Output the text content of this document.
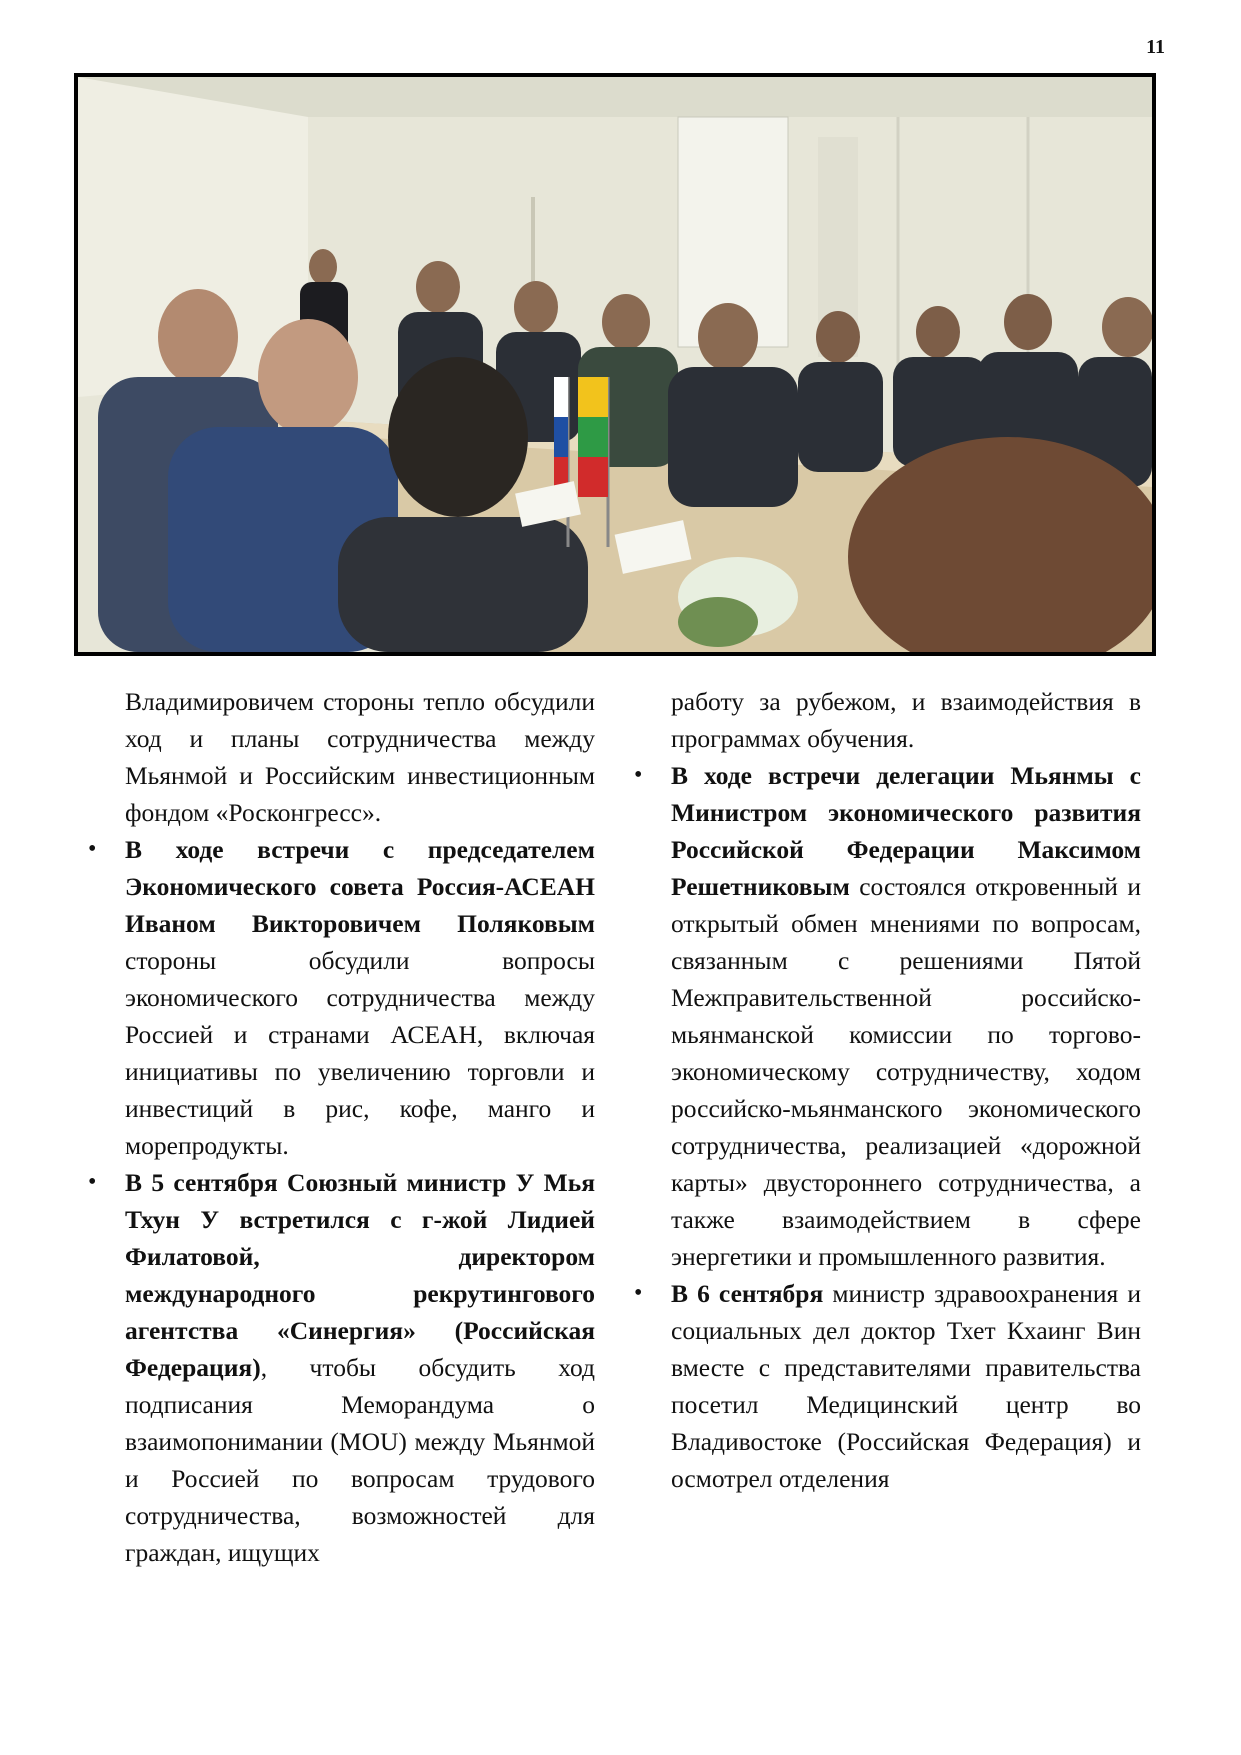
11

Владимировичем стороны тепло обсудили ход и планы сотрудничества между Мьянмой и Российским инвестиционным фондом «Росконгресс».

• В ходе встречи с председателем Экономического совета Россия-АСЕАН Иваном Викторовичем Поляковым стороны обсудили вопросы экономического сотрудничества между Россией и странами АСЕАН, включая инициативы по увеличению торговли и инвестиций в рис, кофе, манго и морепродукты.

• В 5 сентября Союзный министр У Мья Тхун У встретился с г-жой Лидией Филатовой, директором международного рекрутингового агентства «Синергия» (Российская Федерация), чтобы обсудить ход подписания Меморандума о взаимопонимании (MOU) между Мьянмой и Россией по вопросам трудового сотрудничества, возможностей для граждан, ищущих

работу за рубежом, и взаимодействия в программах обучения.

• В ходе встречи делегации Мьянмы с Министром экономического развития Российской Федерации Максимом Решетниковым состоялся откровенный и открытый обмен мнениями по вопросам, связанным с решениями Пятой Межправительственной российско-мьянманской комиссии по торгово-экономическому сотрудничеству, ходом российско-мьянманского экономического сотрудничества, реализацией «дорожной карты» двустороннего сотрудничества, а также взаимодействием в сфере энергетики и промышленного развития.

• В 6 сентября министр здравоохранения и социальных дел доктор Тхет Кхаинг Вин вместе с представителями правительства посетил Медицинский центр во Владивостоке (Российская Федерация) и осмотрел отделения
